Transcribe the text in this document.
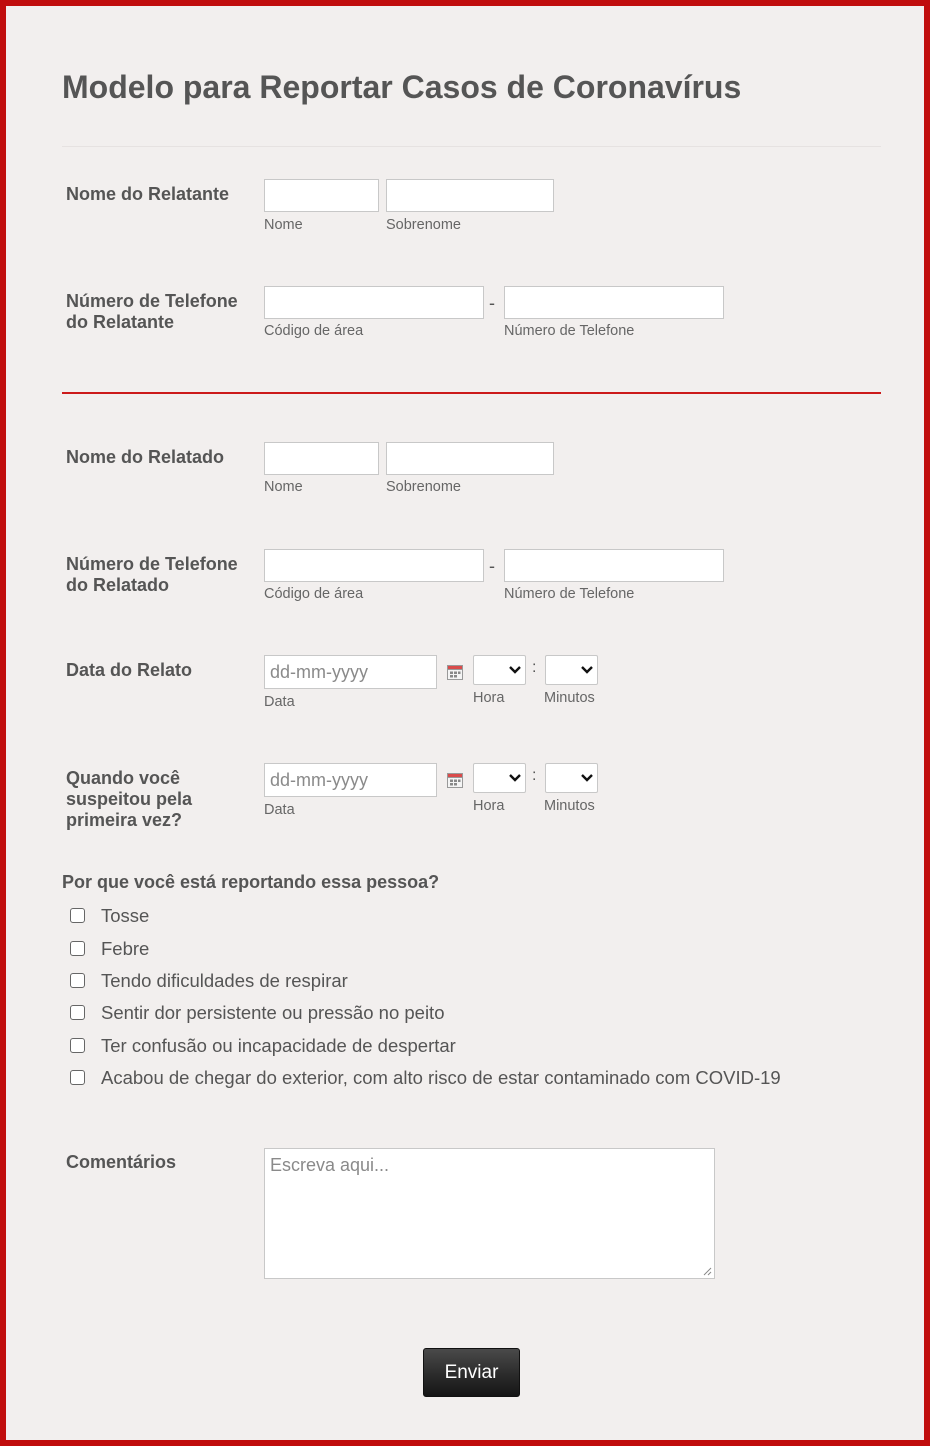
Modelo para Reportar Casos de Coronavírus
Nome do Relatante
Nome	Sobrenome
Número de Telefone
do Relatante
-
Código de área	Número de Telefone
Nome do Relatado
Nome	Sobrenome
Número de Telefone
do Relatado
-
Código de área	Número de Telefone
Data do Relato	dd-mm-yyyy	:
Data	Hora	Minutos
Quando você
suspeitou pela
primeira vez?
dd-mm-yyyy	:
Data	Hora	Minutos
Por que você está reportando essa pessoa?
Tosse
Febre
Tendo dificuldades de respirar
Sentir dor persistente ou pressão no peito
Ter confusão ou incapacidade de despertar
Acabou de chegar do exterior, com alto risco de estar contaminado com COVID-19
Comentários	Escreva aqui...
Enviar
